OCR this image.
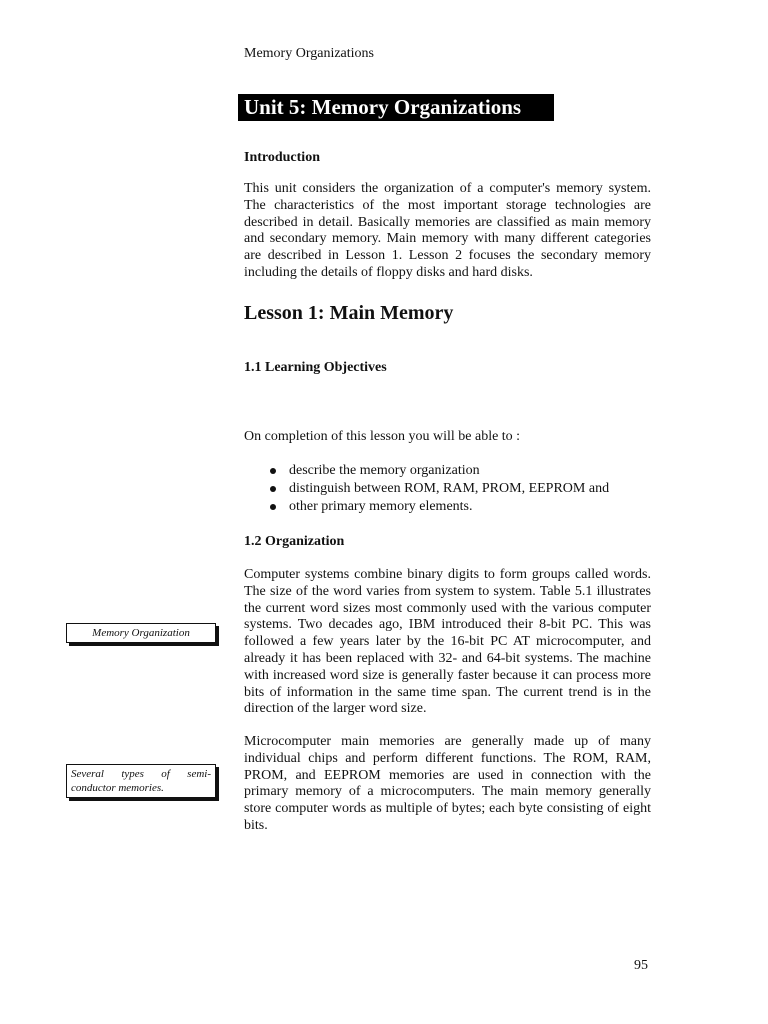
Memory Organizations
Unit 5: Memory Organizations
Introduction

This unit considers the organization of a computer's memory system. The characteristics of the most important storage technologies are described in detail. Basically memories are classified as main memory and secondary memory. Main memory with many different categories are described in Lesson 1. Lesson 2 focuses the secondary memory including the details of floppy disks and hard disks.

Lesson 1: Main Memory
1.1 Learning Objectives
On completion of this lesson you will be able to :
describe the memory organization
distinguish between ROM, RAM, PROM, EEPROM and
other primary memory elements.
1.2 Organization

Computer systems combine binary digits to form groups called words. The size of the word varies from system to system. Table 5.1 illustrates the current word sizes most commonly used with the various computer systems. Two decades ago, IBM introduced their 8-bit PC. This was followed a few years later by the 16-bit PC AT microcomputer, and already it has been replaced with 32- and 64-bit systems. The machine with increased word size is generally faster because it can process more bits of information in the same time span. The current trend is in the direction of the larger word size.

Microcomputer main memories are generally made up of many individual chips and perform different functions. The ROM, RAM, PROM, and EEPROM memories are used in connection with the primary memory of a microcomputers. The main memory generally store computer words as multiple of bytes; each byte consisting of eight bits.

Memory Organization
Several types of semi-conductor memories.
95
